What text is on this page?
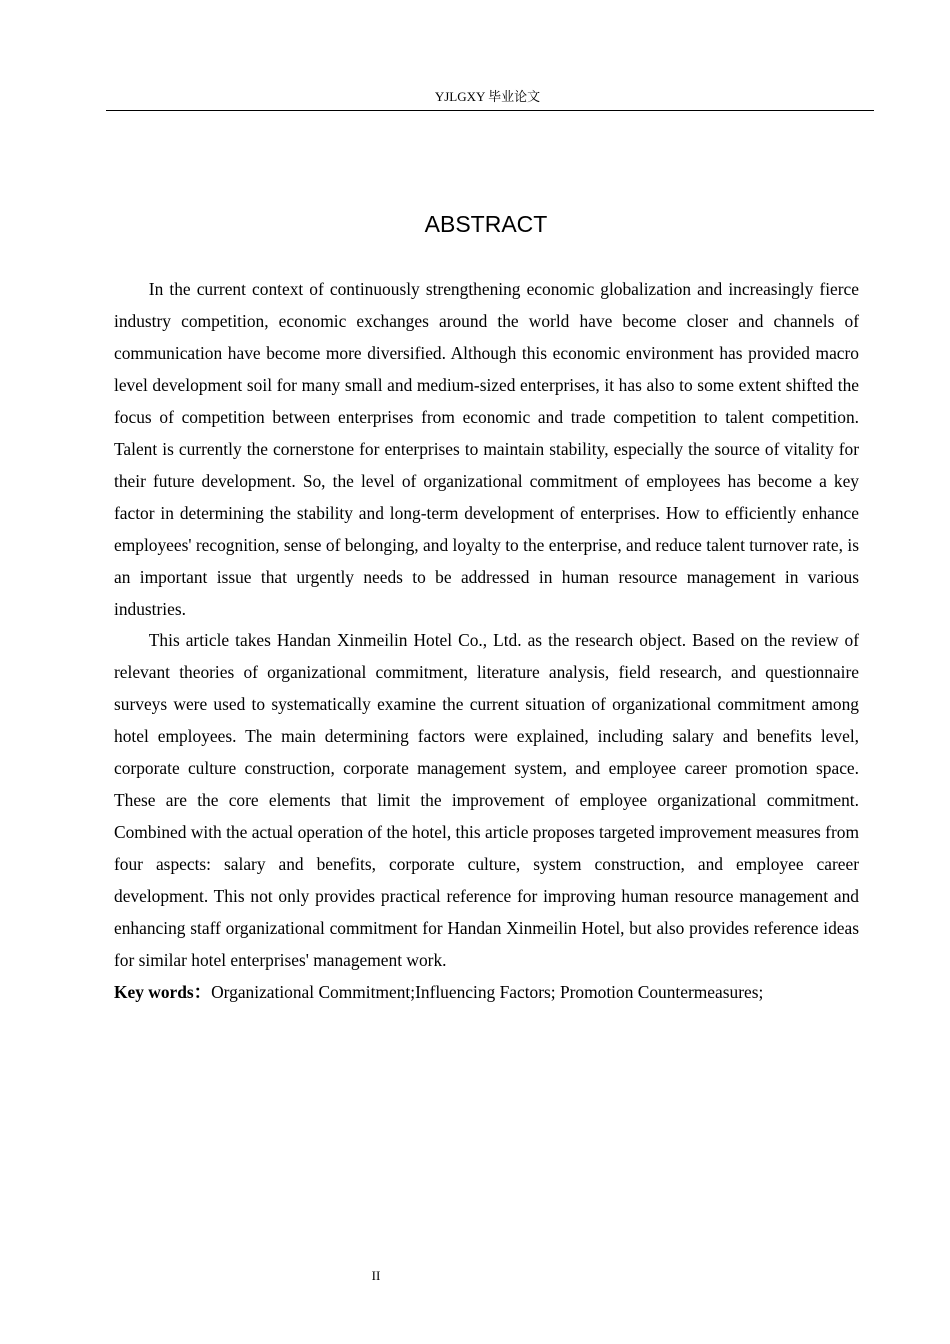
YJLGXY 毕业论文
ABSTRACT

In the current context of continuously strengthening economic globalization and increasingly fierce industry competition, economic exchanges around the world have become closer and channels of communication have become more diversified. Although this economic environment has provided macro level development soil for many small and medium-sized enterprises, it has also to some extent shifted the focus of competition between enterprises from economic and trade competition to talent competition. Talent is currently the cornerstone for enterprises to maintain stability, especially the source of vitality for their future development. So, the level of organizational commitment of employees has become a key factor in determining the stability and long-term development of enterprises. How to efficiently enhance employees' recognition, sense of belonging, and loyalty to the enterprise, and reduce talent turnover rate, is an important issue that urgently needs to be addressed in human resource management in various industries.

This article takes Handan Xinmeilin Hotel Co., Ltd. as the research object. Based on the review of relevant theories of organizational commitment, literature analysis, field research, and questionnaire surveys were used to systematically examine the current situation of organizational commitment among hotel employees. The main determining factors were explained, including salary and benefits level, corporate culture construction, corporate management system, and employee career promotion space. These are the core elements that limit the improvement of employee organizational commitment. Combined with the actual operation of the hotel, this article proposes targeted improvement measures from four aspects: salary and benefits, corporate culture, system construction, and employee career development. This not only provides practical reference for improving human resource management and enhancing staff organizational commitment for Handan Xinmeilin Hotel, but also provides reference ideas for similar hotel enterprises' management work.

Key words：Organizational Commitment;Influencing Factors; Promotion Countermeasures;

II
